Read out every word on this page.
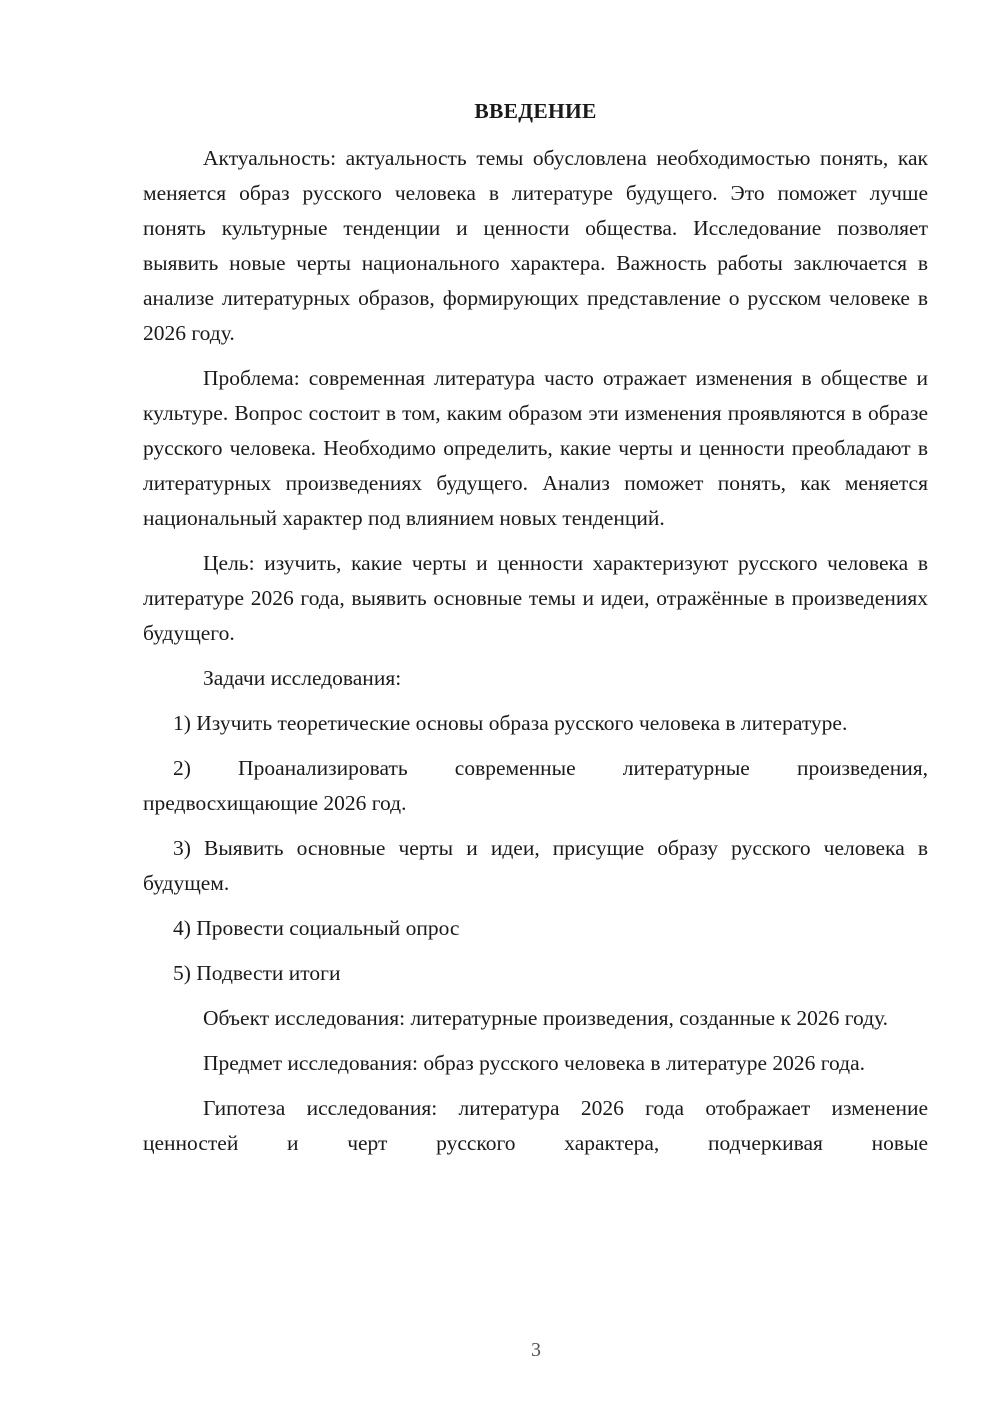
ВВЕДЕНИЕ

Актуальность: актуальность темы обусловлена необходимостью понять, как меняется образ русского человека в литературе будущего. Это поможет лучше понять культурные тенденции и ценности общества. Исследование позволяет выявить новые черты национального характера. Важность работы заключается в анализе литературных образов, формирующих представление о русском человеке в 2026 году.

Проблема: современная литература часто отражает изменения в обществе и культуре. Вопрос состоит в том, каким образом эти изменения проявляются в образе русского человека. Необходимо определить, какие черты и ценности преобладают в литературных произведениях будущего. Анализ поможет понять, как меняется национальный характер под влиянием новых тенденций.

Цель: изучить, какие черты и ценности характеризуют русского человека в литературе 2026 года, выявить основные темы и идеи, отражённые в произведениях будущего.

Задачи исследования:

1) Изучить теоретические основы образа русского человека в литературе.

2) Проанализировать современные литературные произведения, предвосхищающие 2026 год.

3) Выявить основные черты и идеи, присущие образу русского человека в будущем.

4) Провести социальный опрос

5) Подвести итоги

Объект исследования: литературные произведения, созданные к 2026 году.

Предмет исследования: образ русского человека в литературе 2026 года.

Гипотеза исследования: литература 2026 года отображает изменение ценностей и черт русского характера, подчеркивая новые

3
